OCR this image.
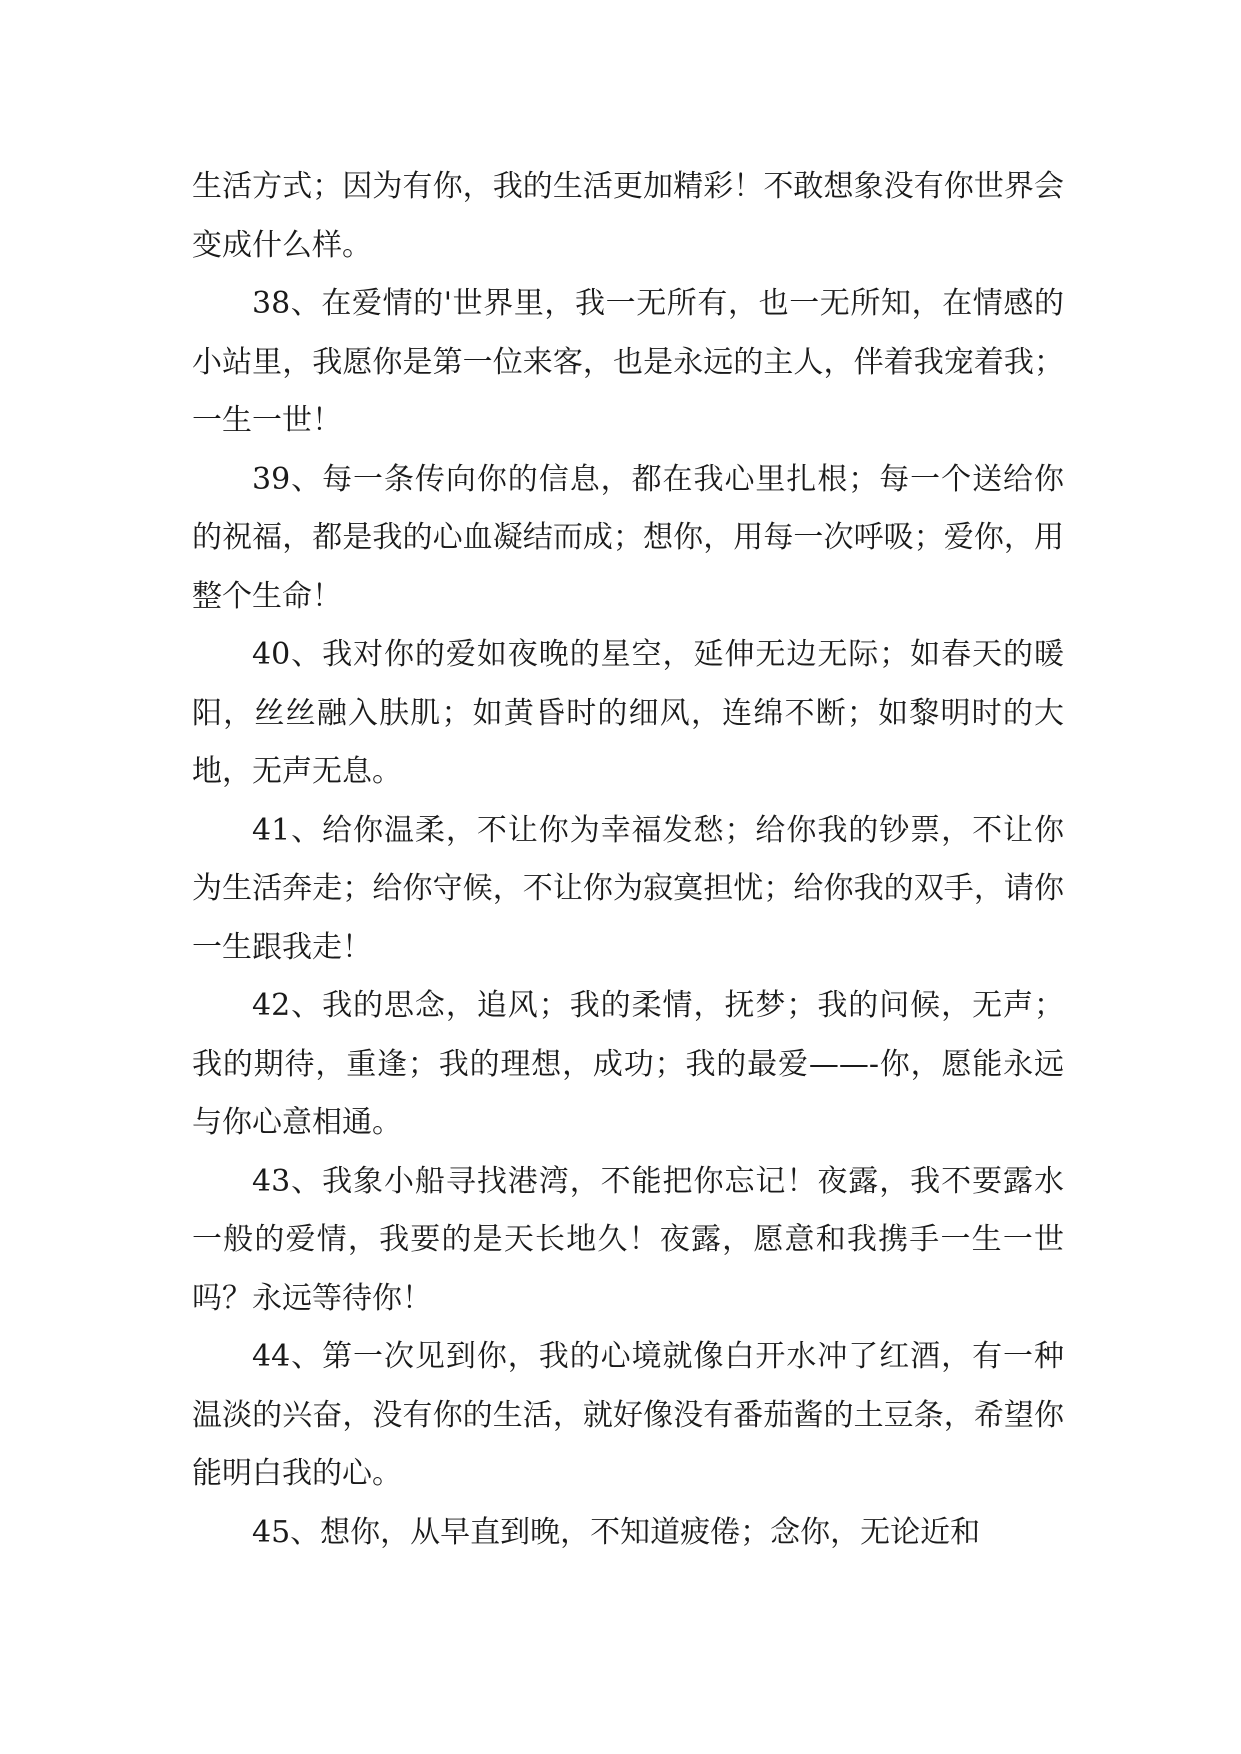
生活方式；因为有你，我的生活更加精彩！不敢想象没有你世界会变成什么样。

38、在爱情的'世界里，我一无所有，也一无所知，在情感的小站里，我愿你是第一位来客，也是永远的主人，伴着我宠着我；一生一世！

39、每一条传向你的信息，都在我心里扎根；每一个送给你的祝福，都是我的心血凝结而成；想你，用每一次呼吸；爱你，用整个生命！

40、我对你的爱如夜晚的星空，延伸无边无际；如春天的暖阳，丝丝融入肤肌；如黄昏时的细风，连绵不断；如黎明时的大地，无声无息。

41、给你温柔，不让你为幸福发愁；给你我的钞票，不让你为生活奔走；给你守候，不让你为寂寞担忧；给你我的双手，请你一生跟我走！

42、我的思念，追风；我的柔情，抚梦；我的问候，无声；我的期待，重逢；我的理想，成功；我的最爱——-你，愿能永远与你心意相通。

43、我象小船寻找港湾，不能把你忘记！夜露，我不要露水一般的爱情，我要的是天长地久！夜露，愿意和我携手一生一世吗？永远等待你！

44、第一次见到你，我的心境就像白开水冲了红酒，有一种温淡的兴奋，没有你的生活，就好像没有番茄酱的土豆条，希望你能明白我的心。

45、想你，从早直到晚，不知道疲倦；念你，无论近和
